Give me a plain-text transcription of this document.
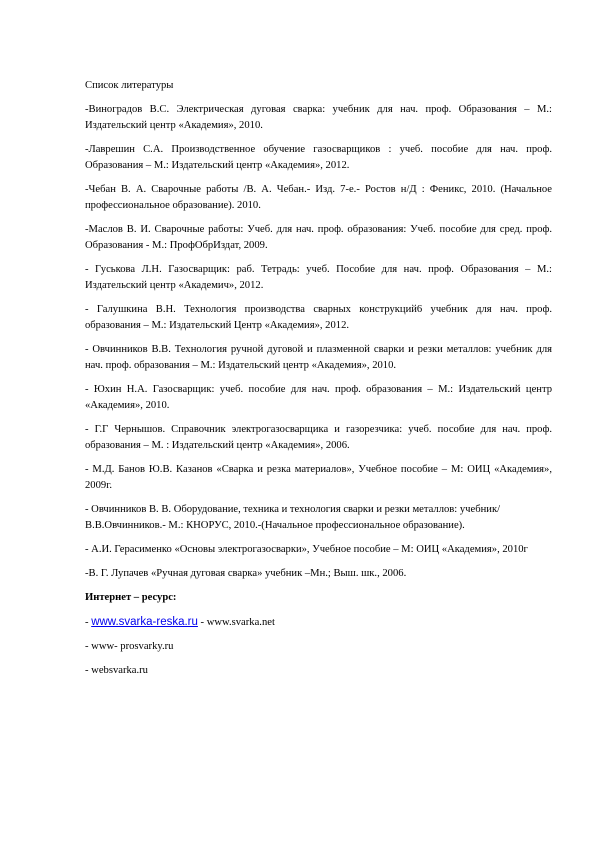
Список литературы
-Виноградов В.С. Электрическая дуговая сварка: учебник для нач. проф. Образования – М.: Издательский центр «Академия», 2010.
-Лаврешин С.А. Производственное обучение газосварщиков : учеб. пособие для нач. проф. Образования – М.: Издательский центр «Академия», 2012.
-Чебан В. А. Сварочные работы /В. А. Чебан.- Изд. 7-е.- Ростов н/Д : Феникс, 2010. (Начальное профессиональное образование). 2010.
-Маслов В. И. Сварочные работы: Учеб. для нач. проф. образования: Учеб. пособие для сред. проф. Образования - М.: ПрофОбрИздат, 2009.
- Гуськова Л.Н. Газосварщик: раб. Тетрадь: учеб. Пособие для нач. проф. Образования – М.: Издательский центр «Академич», 2012.
- Галушкина В.Н. Технология производства сварных конструкций6 учебник для нач. проф. образования – М.: Издательский Центр «Академия», 2012.
- Овчинников В.В. Технология ручной дуговой и плазменной сварки и резки металлов: учебник для нач. проф. образования – М.: Издательский центр «Академия», 2010.
- Юхин Н.А. Газосварщик: учеб. пособие для нач. проф. образования – М.: Издательский центр «Академия», 2010.
- Г.Г Чернышов. Справочник электрогазосварщика и газорезчика: учеб. пособие для нач. проф. образования – М. : Издательский центр «Академия», 2006.
- М.Д. Банов Ю.В. Казанов «Сварка и резка материалов», Учебное пособие – М: ОИЦ «Академия», 2009г.
- Овчинников В. В. Оборудование, техника и технология сварки и резки металлов: учебник/ В.В.Овчинников.- М.: КНОРУС, 2010.-(Начальное профессиональное образование).
- А.И. Герасименко «Основы электрогазосварки», Учебное пособие – М: ОИЦ «Академия», 2010г
-В. Г. Лупачев «Ручная дуговая сварка» учебник –Мн.; Выш. шк., 2006.
Интернет – ресурс:
- www.svarka-reska.ru - www.svarka.net
- www- prosvarky.ru
- websvarka.ru
